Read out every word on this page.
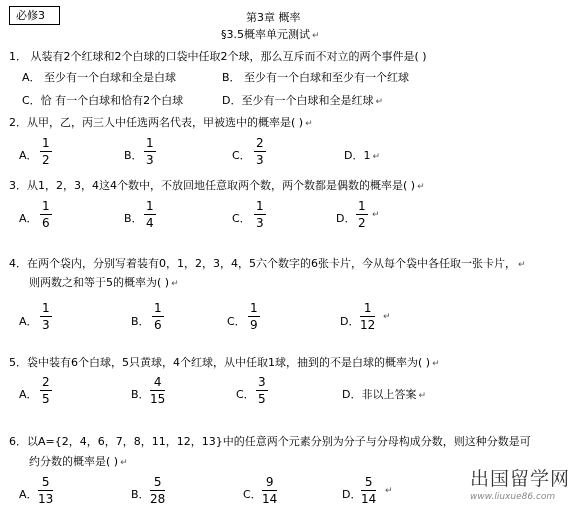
必修3	第3章 概率
§3.5概率单元测试 ↵
1． 从装有2个红球和2个白球的口袋中任取2个球，那么互斥而不对立的两个事件是( )
A． 至少有一个白球和全是白球	B． 至少有一个白球和至少有一个红球
C．恰 有一个白球和恰有2个白球	D．至少有一个白球和全是红球 ↵
2．从甲，乙，丙三人中任选两名代表，甲被选中的概率是( ) ↵
A． $\frac{1}{2}$	B． $\frac{1}{3}$	C． $\frac{2}{3}$	D．1 ↵
3．从1，2，3，4这4个数中，不放回地任意取两个数，两个数都是偶数的概率是( ) ↵
A． $\frac{1}{6}$	B． $\frac{1}{4}$	C． $\frac{1}{3}$	D． $\frac{1}{2}$ ↵
4．在两个袋内，分别写着装有0，1，2，3，4，5六个数字的6张卡片，今从每个袋中各任取一张卡片， ↵
则两数之和等于5的概率为( ) ↵
A． $\frac{1}{3}$	B． $\frac{1}{6}$	C． $\frac{1}{9}$	D． $\frac{1}{12}$ ↵
5．袋中装有6个白球，5只黄球，4个红球，从中任取1球，抽到的不是白球的概率为( ) ↵
A． $\frac{2}{5}$	B． $\frac{4}{15}$	C． $\frac{3}{5}$	D．非以上答案 ↵
6．以A={2，4，6，7，8，11，12，13}中的任意两个元素分别为分子与分母构成分数，则这种分数是可
约分数的概率是( ) ↵
A． $\frac{5}{13}$	B． $\frac{5}{28}$	C． $\frac{9}{14}$	D． $\frac{5}{14}$ ↵
出国留学网
www.liuxue86.com
